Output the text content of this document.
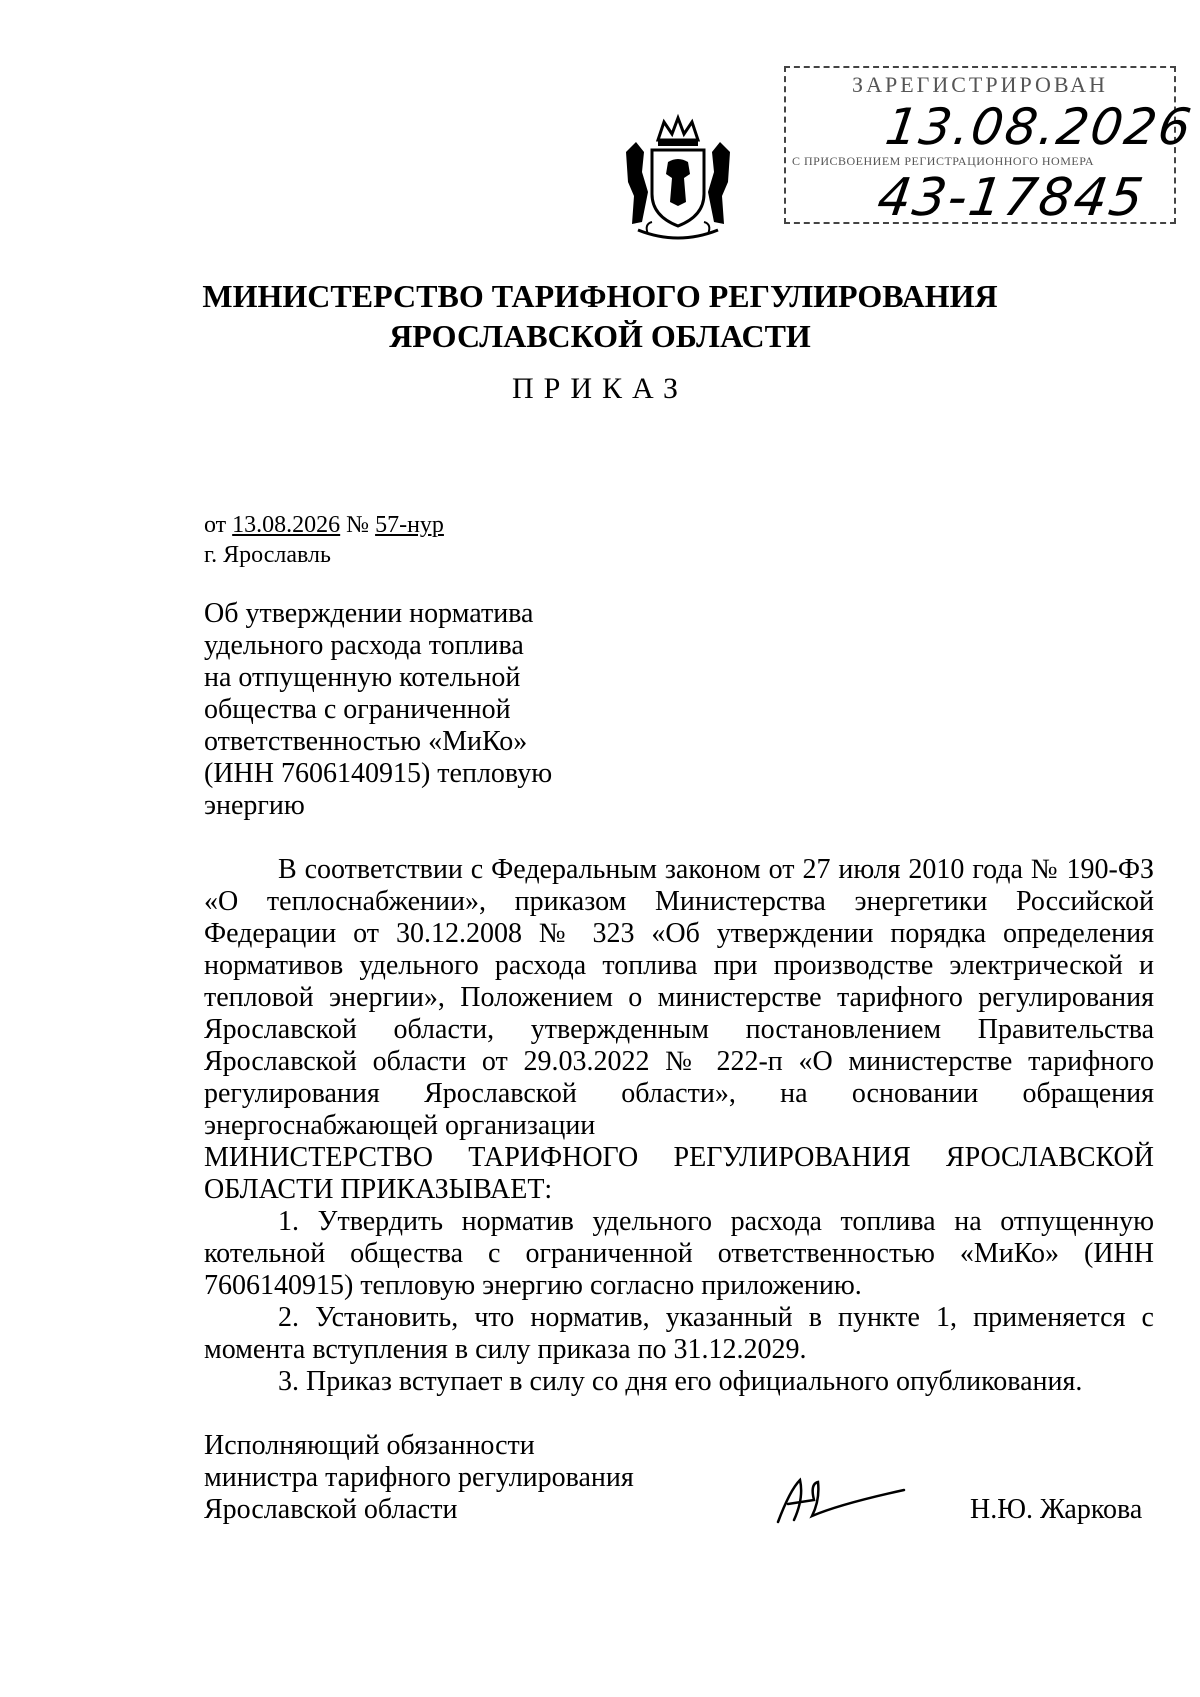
ЗАРЕГИСТРИРОВАН
13.08.2026
С ПРИСВОЕНИЕМ РЕГИСТРАЦИОННОГО НОМЕРА
43-17845
МИНИСТЕРСТВО ТАРИФНОГО РЕГУЛИРОВАНИЯ
ЯРОСЛАВСКОЙ ОБЛАСТИ
ПРИКАЗ
от 13.08.2026 № 57-нур
г. Ярославль
Об утверждении норматива
удельного расхода топлива
на отпущенную котельной
общества с ограниченной
ответственностью «МиКо»
(ИНН 7606140915) тепловую
энергию

В соответствии с Федеральным законом от 27 июля 2010 года № 190-ФЗ «О теплоснабжении», приказом Министерства энергетики Российской Федерации от 30.12.2008 № 323 «Об утверждении порядка определения нормативов удельного расхода топлива при производстве электрической и тепловой энергии», Положением о министерстве тарифного регулирования Ярославской области, утвержденным постановлением Правительства Ярославской области от 29.03.2022 № 222-п «О министерстве тарифного регулирования Ярославской области», на основании обращения энергоснабжающей организации

МИНИСТЕРСТВО ТАРИФНОГО РЕГУЛИРОВАНИЯ ЯРОСЛАВСКОЙ ОБЛАСТИ ПРИКАЗЫВАЕТ:

1. Утвердить норматив удельного расхода топлива на отпущенную котельной общества с ограниченной ответственностью «МиКо» (ИНН 7606140915) тепловую энергию согласно приложению.

2. Установить, что норматив, указанный в пункте 1, применяется с момента вступления в силу приказа по 31.12.2029.

3. Приказ вступает в силу со дня его официального опубликования.

Исполняющий обязанности
министра тарифного регулирования
Ярославской области	Н.Ю. Жаркова
